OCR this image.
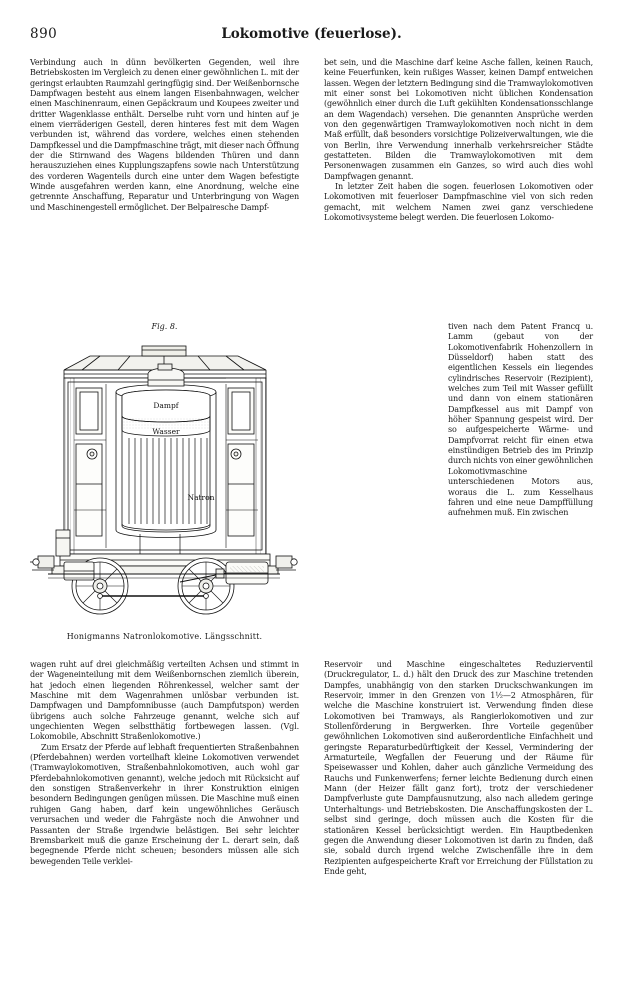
890	Lokomotive (feuerlose).

Verbindung auch in dünn bevölkerten Gegenden, weil ihre Betriebskosten im Vergleich zu denen einer gewöhnlichen L. mit der geringst erlaubten Raumzahl geringfügig sind. Der Weißenbornsche Dampfwagen besteht aus einem langen Eisenbahnwagen, welcher einen Maschinenraum, einen Gepäckraum und Koupees zweiter und dritter Wagenklasse enthält. Derselbe ruht vorn und hinten auf je einem vierräderigen Gestell, deren hinteres fest mit dem Wagen verbunden ist, während das vordere, welches einen stehenden Dampfkessel und die Dampfmaschine trägt, mit dieser nach Öffnung der die Stirnwand des Wagens bildenden Thüren und dann herauszuziehen eines Kupplungszapfens sowie nach Unterstützung des vorderen Wagenteils durch eine unter dem Wagen befestigte Winde ausgefahren werden kann, eine Anordnung, welche eine getrennte Anschaffung, Reparatur und Unterbringung von Wagen und Maschinengestell ermöglichet. Der Belpairesche Dampf-

bet sein, und die Maschine darf keine Asche fallen, keinen Rauch, keine Feuerfunken, kein rußiges Wasser, keinen Dampf entweichen lassen. Wegen der letztern Bedingung sind die Tramwaylokomotiven mit einer sonst bei Lokomotiven nicht üblichen Kondensation (gewöhnlich einer durch die Luft gekühlten Kondensationsschlange an dem Wagendach) versehen. Die genannten Ansprüche werden von den gegenwärtigen Tramwaylokomotiven noch nicht in dem Maß erfüllt, daß besonders vorsichtige Polizeiverwaltungen, wie die von Berlin, ihre Verwendung innerhalb verkehrsreicher Städte gestatteten. Bilden die Tramwaylokomotiven mit dem Personenwagen zusammen ein Ganzes, so wird auch dies wohl Dampfwagen genannt.

In letzter Zeit haben die sogen. feuerlosen Lokomotiven oder Lokomotiven mit feuerloser Dampfmaschine viel von sich reden gemacht, mit welchem Namen zwei ganz verschiedene Lokomotivsysteme belegt werden. Die feuerlosen Lokomo-

tiven nach dem Patent Francq u. Lamm (gebaut von der Lokomotivenfabrik Hohenzollern in Düsseldorf) haben statt des eigentlichen Kessels ein liegendes cylindrisches Reservoir (Rezipient), welches zum Teil mit Wasser gefüllt und dann von einem stationären Dampfkessel aus mit Dampf von höher Spannung gespeist wird. Der so aufgespeicherte Wärme- und Dampfvorrat reicht für einen etwa einstündigen Betrieb des im Prinzip durch nichts von einer gewöhnlichen Lokomotivmaschine unterschiedenen Motors aus, woraus die L. zum Kesselhaus fahren und eine neue Dampffüllung aufnehmen muß. Ein zwischen

Fig. 8.
Dampf
Wasser
Natron
Honigmanns Natronlokomotive. Längsschnitt.

wagen ruht auf drei gleichmäßig verteilten Achsen und stimmt in der Wageneinteilung mit dem Weißenbornschen ziemlich überein, hat jedoch einen liegenden Röhrenkessel, welcher samt der Maschine mit dem Wagenrahmen unlösbar verbunden ist. Dampfwagen und Dampfomnibusse (auch Dampfutspon) werden übrigens auch solche Fahrzeuge genannt, welche sich auf ungechienten Wegen selbstthätig fortbewegen lassen. (Vgl. Lokomobile, Abschnitt Straßenlokomotive.)

Zum Ersatz der Pferde auf lebhaft frequentierten Straßenbahnen (Pferdebahnen) werden vorteilhaft kleine Lokomotiven verwendet (Tramwaylokomotiven, Straßenbahnlokomotiven, auch wohl gar Pferdebahnlokomotiven genannt), welche jedoch mit Rücksicht auf den sonstigen Straßenverkehr in ihrer Konstruktion einigen besondern Bedingungen genügen müssen. Die Maschine muß einen ruhigen Gang haben, darf kein ungewöhnliches Geräusch verursachen und weder die Fahrgäste noch die Anwohner und Passanten der Straße irgendwie belästigen. Bei sehr leichter Bremsbarkeit muß die ganze Erscheinung der L. derart sein, daß begegnende Pferde nicht scheuen; besonders müssen alle sich bewegenden Teile verklei-

Reservoir und Maschine eingeschaltetes Reduzierventil (Druckregulator, L. d.) hält den Druck des zur Maschine tretenden Dampfes, unabhängig von den starken Druckschwankungen im Reservoir, immer in den Grenzen von 1½—2 Atmosphären, für welche die Maschine konstruiert ist. Verwendung finden diese Lokomotiven bei Tramways, als Rangierlokomotiven und zur Stollenförderung in Bergwerken. Ihre Vorteile gegenüber gewöhnlichen Lokomotiven sind außerordentliche Einfachheit und geringste Reparaturbedürftigkeit der Kessel, Vermindering der Armaturteile, Wegfallen der Feuerung und der Räume für Speisewasser und Kohlen, daher auch gänzliche Vermeidung des Rauchs und Funkenwerfens; ferner leichte Bedienung durch einen Mann (der Heizer fällt ganz fort), trotz der verschiedener Dampfverluste gute Dampfausnutzung, also nach alledem geringe Unterhaltungs- und Betriebskosten. Die Anschaffungskosten der L. selbst sind geringe, doch müssen auch die Kosten für die stationären Kessel berücksichtigt werden. Ein Hauptbedenken gegen die Anwendung dieser Lokomotiven ist darin zu finden, daß sie, sobald durch irgend welche Zwischenfälle ihre in dem Rezipienten aufgespeicherte Kraft vor Erreichung der Füllstation zu Ende geht,
